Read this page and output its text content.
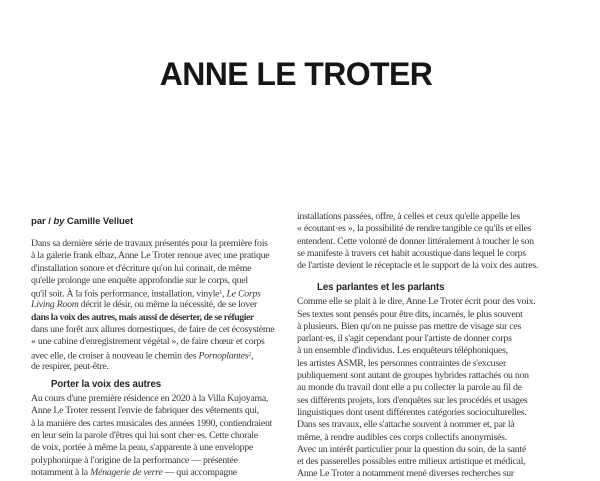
ANNE LE TROTER
par / by Camille Velluet
Dans sa dernière série de travaux présentés pour la première fois
à la galerie frank elbaz, Anne Le Troter renoue avec une pratique
d'installation sonore et d'écriture qu'on lui connait, de même
qu'elle prolonge une enquête approfondie sur le corps, quel
qu'il soit. À la fois performance, installation, vinyle$^1$, Le Corps
Living Room décrit le désir, ou même la nécessité, de se lover
dans la voix des autres, mais aussi de déserter, de se réfugier
dans une forêt aux allures domestiques, de faire de cet écosystème
« une cabine d'enregistrement végétal », de faire chœur et corps
avec elle, de croiser à nouveau le chemin des Pornoplantes$^2$,
de respirer, peut-être.
Porter la voix des autres
Au cours d'une première résidence en 2020 à la Villa Kujoyama,
Anne Le Troter ressent l'envie de fabriquer des vêtements qui,
à la manière des cartes musicales des années 1990, contiendraient
en leur sein la parole d'êtres qui lui sont cher·es. Cette chorale
de voix, portée à même la peau, s'apparente à une enveloppe
polyphonique à l'origine de la performance — présentée
notamment à la Ménagerie de verre — qui accompagne
installations passées, offre, à celles et ceux qu'elle appelle les
« écoutant·es », la possibilité de rendre tangible ce qu'ils et elles
entendent. Cette volonté de donner littéralement à toucher le son
se manifeste à travers cet habit acoustique dans lequel le corps
de l'artiste devient le réceptacle et le support de la voix des autres.
Les parlantes et les parlants
Comme elle se plait à le dire, Anne Le Troter écrit pour des voix.
Ses textes sont pensés pour être dits, incarnés, le plus souvent
à plusieurs. Bien qu'on ne puisse pas mettre de visage sur ces
parlant·es, il s'agit cependant pour l'artiste de donner corps
à un ensemble d'individus. Les enquêteurs téléphoniques,
les artistes ASMR, les personnes contraintes de s'excuser
publiquement sont autant de groupes hybrides rattachés ou non
au monde du travail dont elle a pu collecter la parole au fil de
ses différents projets, lors d'enquêtes sur les procédés et usages
linguistiques dont usent différentes catégories socioculturelles.
Dans ses travaux, elle s'attache souvent à nommer et, par là
même, à rendre audibles ces corps collectifs anonymisés.
Avec un intérêt particulier pour la question du soin, de la santé
et des passerelles possibles entre milieux artistique et médical,
Anne Le Troter a notamment mené diverses recherches sur
